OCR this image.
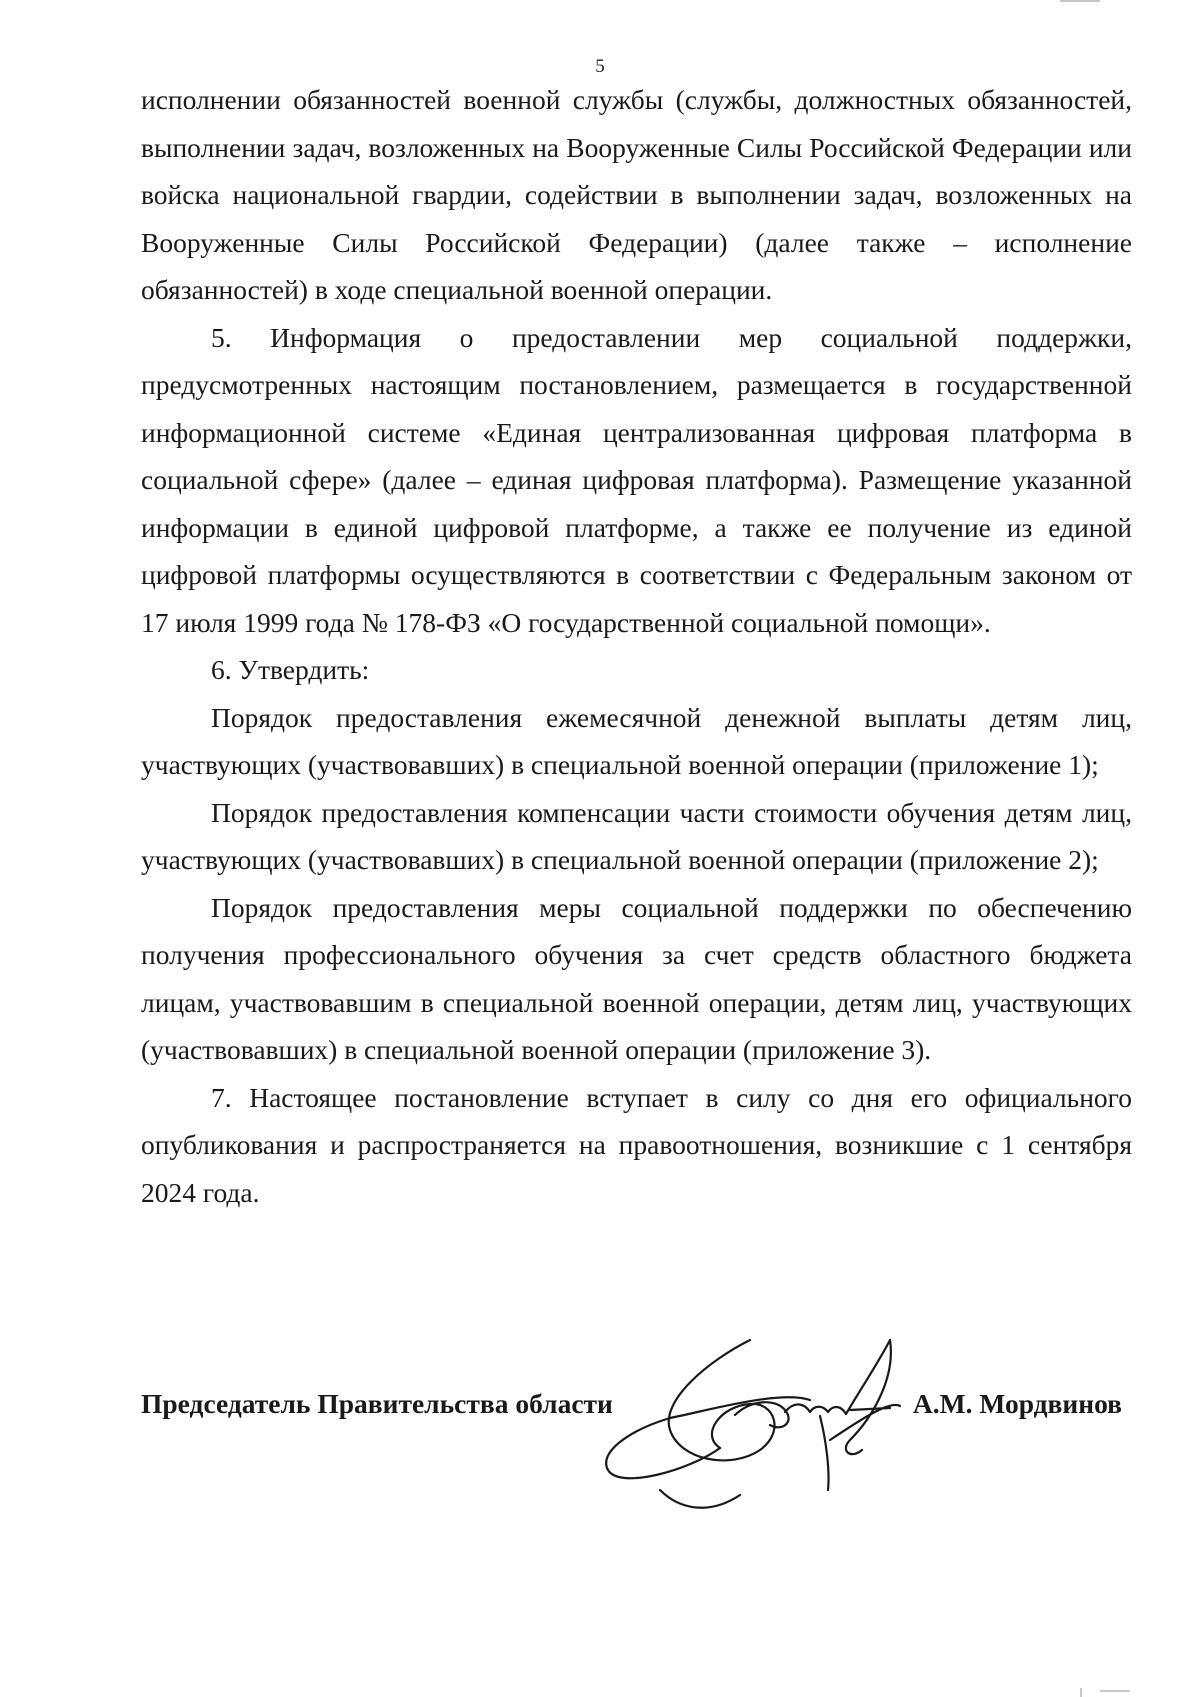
5

исполнении обязанностей военной службы (службы, должностных обязанностей, выполнении задач, возложенных на Вооруженные Силы Российской Федерации или войска национальной гвардии, содействии в выполнении задач, возложенных на Вооруженные Силы Российской Федерации) (далее также – исполнение обязанностей) в ходе специальной военной операции.

5. Информация о предоставлении мер социальной поддержки, предусмотренных настоящим постановлением, размещается в государственной информационной системе «Единая централизованная цифровая платформа в социальной сфере» (далее – единая цифровая платформа). Размещение указанной информации в единой цифровой платформе, а также ее получение из единой цифровой платформы осуществляются в соответствии с Федеральным законом от 17 июля 1999 года № 178-ФЗ «О государственной социальной помощи».

6. Утвердить:

Порядок предоставления ежемесячной денежной выплаты детям лиц, участвующих (участвовавших) в специальной военной операции (приложение 1);

Порядок предоставления компенсации части стоимости обучения детям лиц, участвующих (участвовавших) в специальной военной операции (приложение 2);

Порядок предоставления меры социальной поддержки по обеспечению получения профессионального обучения за счет средств областного бюджета лицам, участвовавшим в специальной военной операции, детям лиц, участвующих (участвовавших) в специальной военной операции (приложение 3).

7. Настоящее постановление вступает в силу со дня его официального опубликования и распространяется на правоотношения, возникшие с 1 сентября 2024 года.

Председатель Правительства области	А.М. Мордвинов
